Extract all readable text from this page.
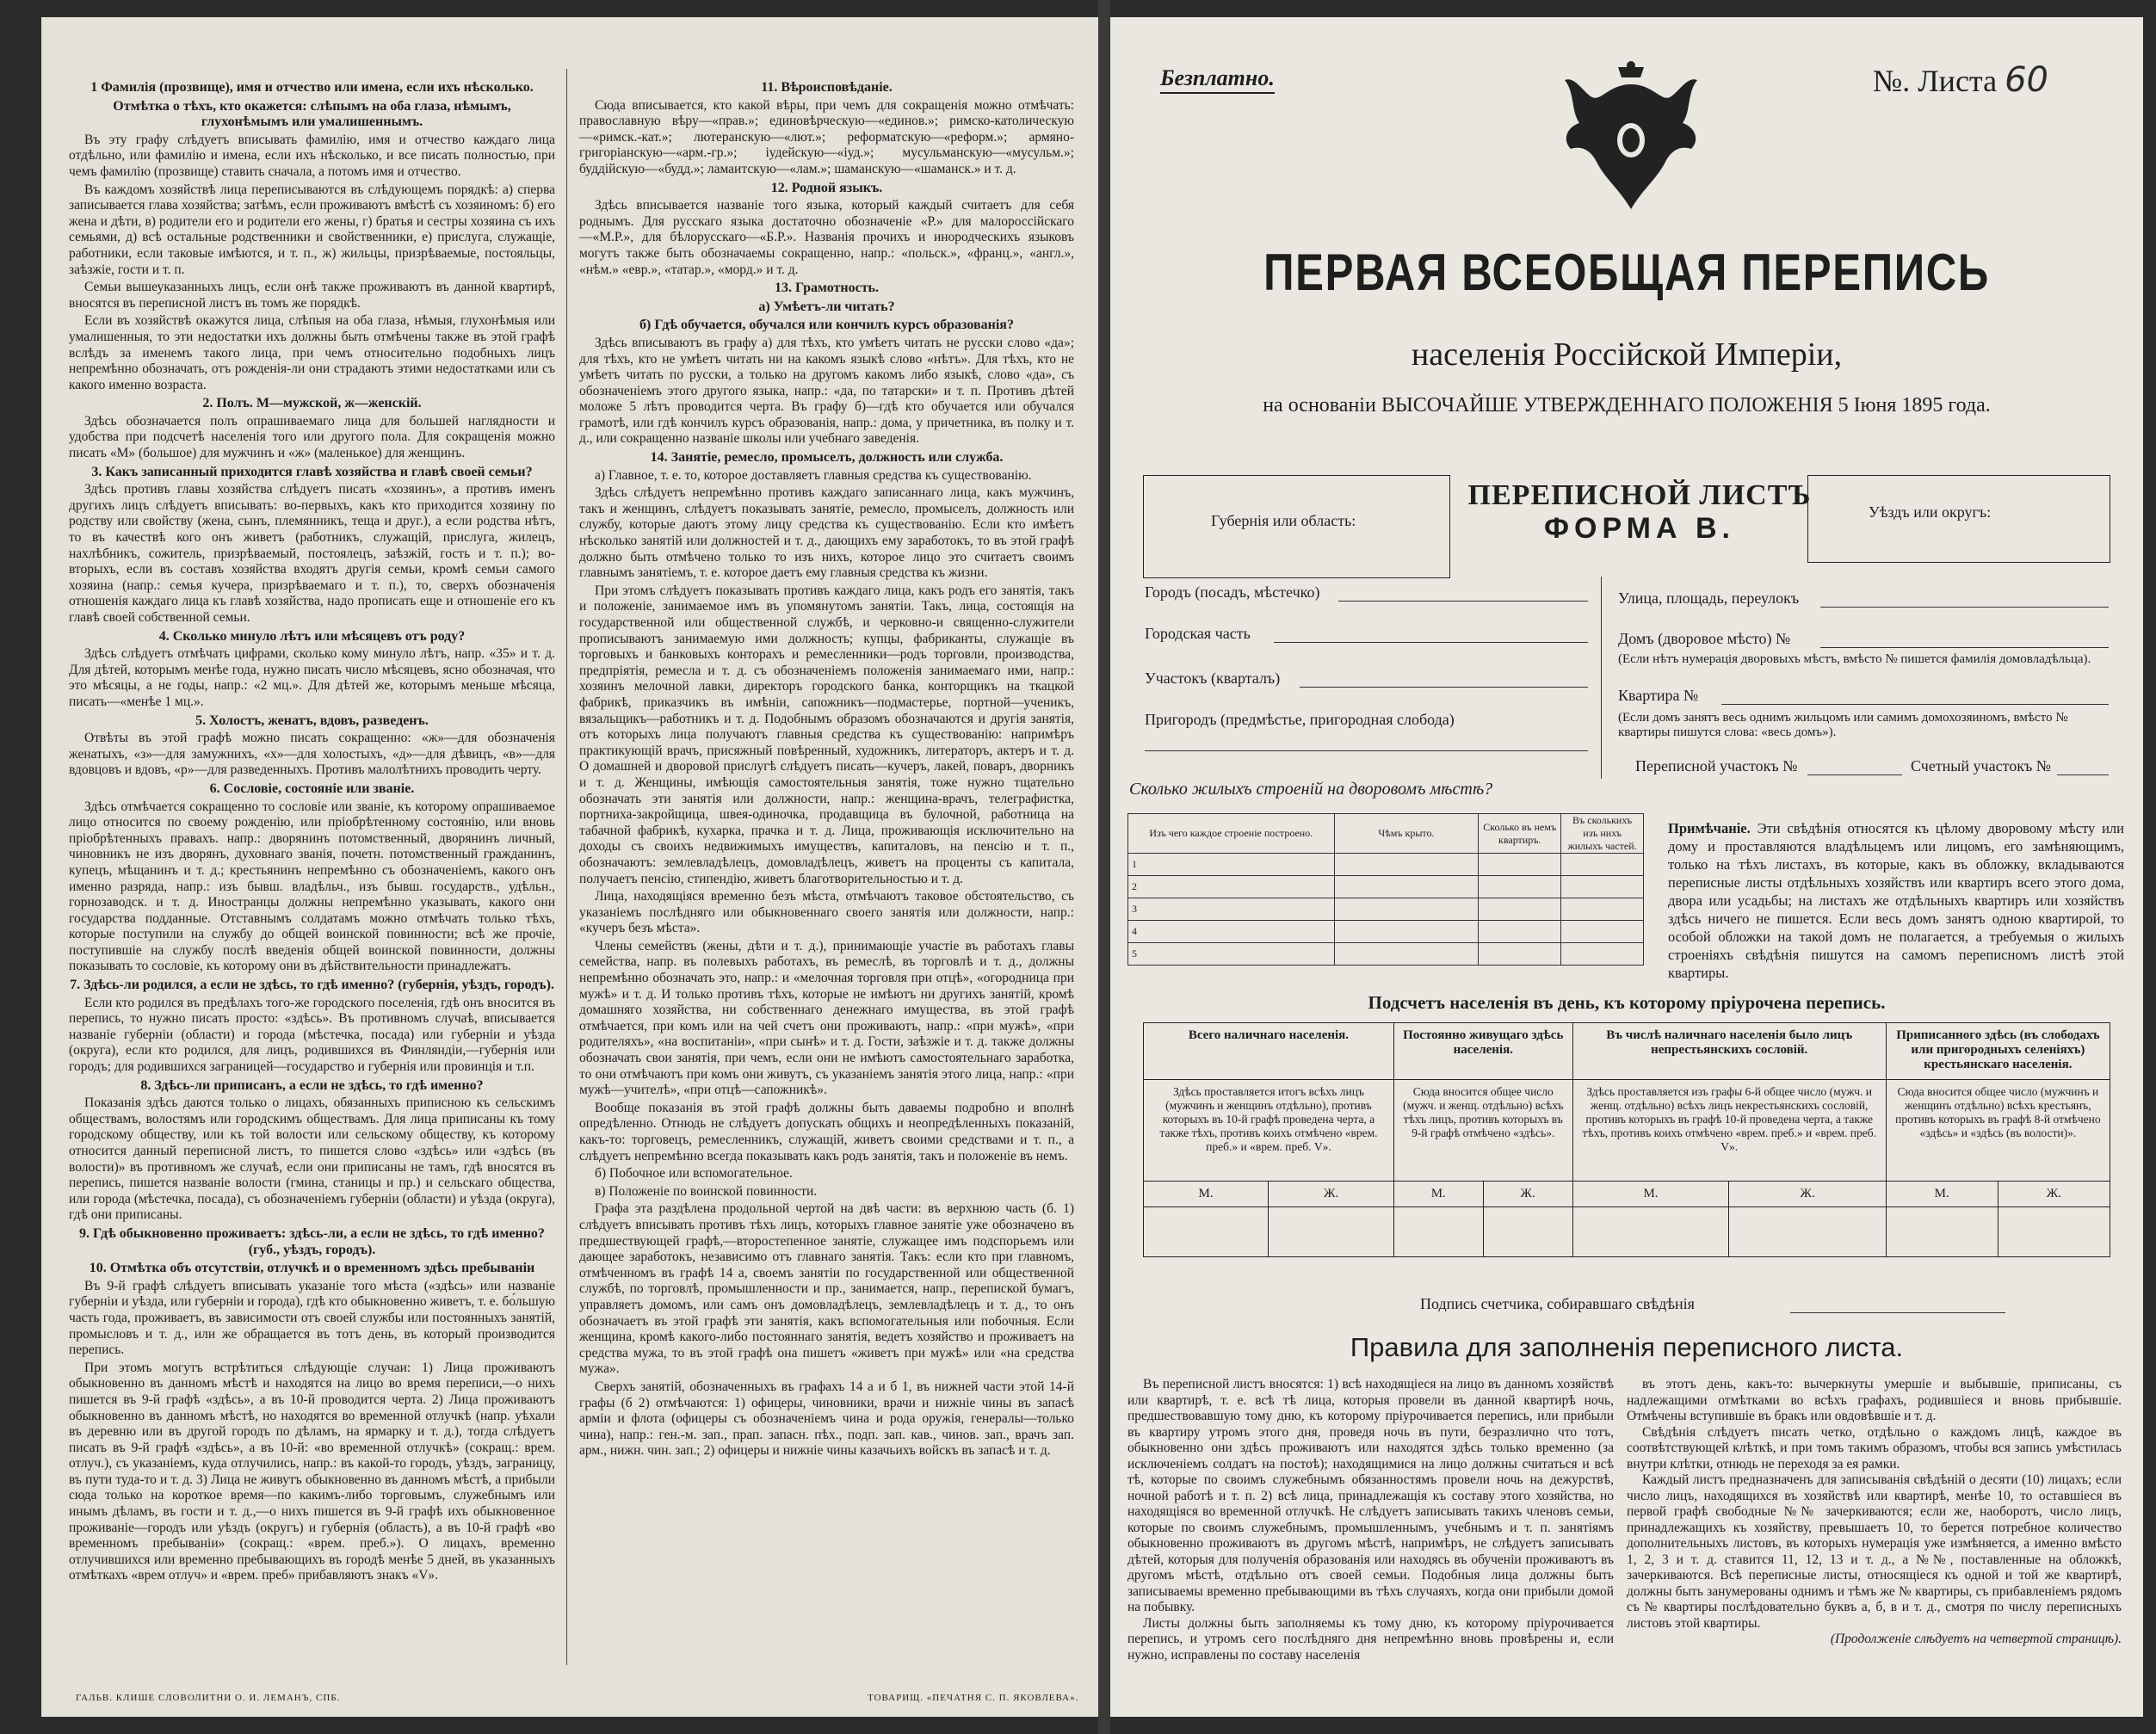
1 Фамилія (прозвище), имя и отчество или имена, если ихъ нѣсколько.
Отмѣтка о тѣхъ, кто окажется: слѣпымъ на оба глаза, нѣмымъ, глухонѣмымъ или умалишеннымъ.

Въ эту графу слѣдуетъ вписывать фамилію, имя и отчество каждаго лица отдѣльно, или фамилію и имена, если ихъ нѣсколько, и все писать полностью, при чемъ фамилію (прозвище) ставить сначала, а потомъ имя и отчество.

Въ каждомъ хозяйствѣ лица переписываются въ слѣдующемъ порядкѣ: а) сперва записывается глава хозяйства; затѣмъ, если проживаютъ вмѣстѣ съ хозяиномъ: б) его жена и дѣти, в) родители его и родители его жены, г) братья и сестры хозяина съ ихъ семьями, д) всѣ остальные родственники и свойственники, е) прислуга, служащіе, работники, если таковые имѣются, и т. п., ж) жильцы, призрѣваемые, постояльцы, заѣзжіе, гости и т. п.

Семьи вышеуказанныхъ лицъ, если онѣ также проживаютъ въ данной квартирѣ, вносятся въ переписной листъ въ томъ же порядкѣ.

Если въ хозяйствѣ окажутся лица, слѣпыя на оба глаза, нѣмыя, глухонѣмыя или умалишенныя, то эти недостатки ихъ должны быть отмѣчены также въ этой графѣ вслѣдъ за именемъ такого лица, при чемъ относительно подобныхъ лицъ непремѣнно обозначать, отъ рожденія-ли они страдаютъ этими недостатками или съ какого именно возраста.

2. Полъ. М—мужской, ж—женскій.

Здѣсь обозначается полъ опрашиваемаго лица для большей наглядности и удобства при подсчетѣ населенія того или другого пола. Для сокращенія можно писать «М» (большое) для мужчинъ и «ж» (маленькое) для женщинъ.

3. Какъ записанный приходится главѣ хозяйства и главѣ своей семьи?

Здѣсь противъ главы хозяйства слѣдуетъ писать «хозяинъ», а противъ именъ другихъ лицъ слѣдуетъ вписывать: во-первыхъ, какъ кто приходится хозяину по родству или свойству (жена, сынъ, племянникъ, теща и друг.), а если родства нѣтъ, то въ качествѣ кого онъ живетъ (работникъ, служащій, прислуга, жилецъ, нахлѣбникъ, сожитель, призрѣваемый, постоялецъ, заѣзжій, гость и т. п.); во-вторыхъ, если въ составъ хозяйства входятъ другія семьи, кромѣ семьи самого хозяина (напр.: семья кучера, призрѣваемаго и т. п.), то, сверхъ обозначенія отношенія каждаго лица къ главѣ хозяйства, надо прописать еще и отношеніе его къ главѣ своей собственной семьи.

4. Сколько минуло лѣтъ или мѣсяцевъ отъ роду?

Здѣсь слѣдуетъ отмѣчать цифрами, сколько кому минуло лѣтъ, напр. «35» и т. д. Для дѣтей, которымъ менѣе года, нужно писать число мѣсяцевъ, ясно обозначая, что это мѣсяцы, а не годы, напр.: «2 мц.». Для дѣтей же, которымъ меньше мѣсяца, писать—«менѣе 1 мц.».

5. Холостъ, женатъ, вдовъ, разведенъ.

Отвѣты въ этой графѣ можно писать сокращенно: «ж»—для обозначенія женатыхъ, «з»—для замужнихъ, «х»—для холостыхъ, «д»—для дѣвицъ, «в»—для вдовцовъ и вдовъ, «р»—для разведенныхъ. Противъ малолѣтнихъ проводить черту.

6. Сословіе, состояніе или званіе.

Здѣсь отмѣчается сокращенно то сословіе или званіе, къ которому опрашиваемое лицо относится по своему рожденію, или пріобрѣтенному состоянію, или вновь пріобрѣтенныхъ правахъ. напр.: дворянинъ потомственный, дворянинъ личный, чиновникъ не изъ дворянъ, духовнаго званія, почетн. потомственный гражданинъ, купецъ, мѣщанинъ и т. д.; крестьянинъ непремѣнно съ обозначеніемъ, какого онъ именно разряда, напр.: изъ бывш. владѣльч., изъ бывш. государств., удѣльн., горнозаводск. и т. д. Иностранцы должны непремѣнно указывать, какого они государства подданные. Отставнымъ солдатамъ можно отмѣчать только тѣхъ, которые поступили на службу до общей воинской повинности; всѣ же прочіе, поступившіе на службу послѣ введенія общей воинской повинности, должны показывать то сословіе, къ которому они въ дѣйствительности принадлежатъ.

7. Здѣсь-ли родился, а если не здѣсь, то гдѣ именно? (губернія, уѣздъ, городъ).

Если кто родился въ предѣлахъ того-же городского поселенія, гдѣ онъ вносится въ перепись, то нужно писать просто: «здѣсь». Въ противномъ случаѣ, вписывается названіе губерніи (области) и города (мѣстечка, посада) или губерніи и уѣзда (округа), если кто родился, для лицъ, родившихся въ Финляндіи,—губернія или городъ; для родившихся заграницей—государство и губернія или провинція и т.п.

8. Здѣсь-ли приписанъ, а если не здѣсь, то гдѣ именно?

Показанія здѣсь даются только о лицахъ, обязанныхъ приписною къ сельскимъ обществамъ, волостямъ или городскимъ обществамъ. Для лица приписаны къ тому городскому обществу, или къ той волости или сельскому обществу, къ которому относится данный переписной листъ, то пишется слово «здѣсь» или «здѣсь (въ волости)» въ противномъ же случаѣ, если они приписаны не тамъ, гдѣ вносятся въ перепись, пишется названіе волости (гмина, станицы и пр.) и сельскаго общества, или города (мѣстечка, посада), съ обозначеніемъ губерніи (области) и уѣзда (округа), гдѣ они приписаны.

9. Гдѣ обыкновенно проживаетъ: здѣсь-ли, а если не здѣсь, то гдѣ именно? (губ., уѣздъ, городъ).
10. Отмѣтка объ отсутствіи, отлучкѣ и о временномъ здѣсь пребываніи

Въ 9-й графѣ слѣдуетъ вписывать указаніе того мѣста («здѣсь» или названіе губерніи и уѣзда, или губерніи и города), гдѣ кто обыкновенно живетъ, т. е. бо́льшую часть года, проживаетъ, въ зависимости отъ своей службы или постоянныхъ занятій, промысловъ и т. д., или же обращается въ тотъ день, въ который производится перепись.

При этомъ могутъ встрѣтиться слѣдующіе случаи: 1) Лица проживаютъ обыкновенно въ данномъ мѣстѣ и находятся на лицо во время переписи,—о нихъ пишется въ 9-й графѣ «здѣсь», а въ 10-й проводится черта. 2) Лица проживаютъ обыкновенно въ данномъ мѣстѣ, но находятся во временной отлучкѣ (напр. уѣхали въ деревню или въ другой городъ по дѣламъ, на ярмарку и т. д.), тогда слѣдуетъ писать въ 9-й графѣ «здѣсь», а въ 10-й: «во временной отлучкѣ» (сокращ.: врем. отлуч.), съ указаніемъ, куда отлучились, напр.: въ какой-то городъ, уѣздъ, заграницу, въ пути туда-то и т. д. 3) Лица не живутъ обыкновенно въ данномъ мѣстѣ, а прибыли сюда только на короткое время—по какимъ-либо торговымъ, служебнымъ или инымъ дѣламъ, въ гости и т. д.,—о нихъ пишется въ 9-й графѣ ихъ обыкновенное проживаніе—городъ или уѣздъ (округъ) и губернія (область), а въ 10-й графѣ «во временномъ пребываніи» (сокращ.: «врем. преб.»). О лицахъ, временно отлучившихся или временно пребывающихъ въ городѣ менѣе 5 дней, въ указанныхъ отмѣткахъ «врем отлуч» и «врем. преб» прибавляютъ знакъ «V».

11. Вѣроисповѣданіе.

Сюда вписывается, кто какой вѣры, при чемъ для сокращенія можно отмѣчать: православную вѣру—«прав.»; единовѣрческую—«единов.»; римско-католическую—«римск.-кат.»; лютеранскую—«лют.»; реформатскую—«реформ.»; армяно-григоріанскую—«арм.-гр.»; іудейскую—«іуд.»; мусульманскую—«мусульм.»; буддійскую—«будд.»; ламаитскую—«лам.»; шаманскую—«шаманск.» и т. д.

12. Родной языкъ.

Здѣсь вписывается названіе того языка, который каждый считаетъ для себя роднымъ. Для русскаго языка достаточно обозначеніе «Р.» для малороссійскаго—«М.Р.», для бѣлорусскаго—«Б.Р.». Названія прочихъ и инородческихъ языковъ могутъ также быть обозначаемы сокращенно, напр.: «польск.», «франц.», «англ.», «нѣм.» «евр.», «татар.», «морд.» и т. д.

13. Грамотность.
а) Умѣетъ-ли читать?
б) Гдѣ обучается, обучался или кончилъ курсъ образованія?

Здѣсь вписываютъ въ графу а) для тѣхъ, кто умѣетъ читать не русски слово «да»; для тѣхъ, кто не умѣетъ читать ни на какомъ языкѣ слово «нѣтъ». Для тѣхъ, кто не умѣетъ читать по русски, а только на другомъ какомъ либо языкѣ, слово «да», съ обозначеніемъ этого другого языка, напр.: «да, по татарски» и т. п. Противъ дѣтей моложе 5 лѣтъ проводится черта. Въ графу б)—гдѣ кто обучается или обучался грамотѣ, или гдѣ кончилъ курсъ образованія, напр.: дома, у причетника, въ полку и т. д., или сокращенно названіе школы или учебнаго заведенія.

14. Занятіе, ремесло, промыселъ, должность или служба.

а) Главное, т. е. то, которое доставляетъ главныя средства къ существованію.

Здѣсь слѣдуетъ непремѣнно противъ каждаго записаннаго лица, какъ мужчинъ, такъ и женщинъ, слѣдуетъ показывать занятіе, ремесло, промыселъ, должность или службу, которые даютъ этому лицу средства къ существованію. Если кто имѣетъ нѣсколько занятій или должностей и т. д., дающихъ ему заработокъ, то въ этой графѣ должно быть отмѣчено только то изъ нихъ, которое лицо это считаетъ своимъ главнымъ занятіемъ, т. е. которое даетъ ему главныя средства къ жизни.

При этомъ слѣдуетъ показывать противъ каждаго лица, какъ родъ его занятія, такъ и положеніе, занимаемое имъ въ упомянутомъ занятіи. Такъ, лица, состоящія на государственной или общественной службѣ, и черковно-и священно-служители прописываютъ занимаемую ими должность; купцы, фабриканты, служащіе въ торговыхъ и банковыхъ конторахъ и ремесленники—родъ торговли, производства, предпріятія, ремесла и т. д. съ обозначеніемъ положенія занимаемаго ими, напр.: хозяинъ мелочной лавки, директоръ городского банка, конторщикъ на ткацкой фабрикѣ, приказчикъ въ имѣніи, сапожникъ—подмастерье, портной—ученикъ, вязальщикъ—работникъ и т. д. Подобнымъ образомъ обозначаются и другія занятія, отъ которыхъ лица получаютъ главныя средства къ существованію: напримѣръ практикующій врачъ, присяжный повѣренный, художникъ, литераторъ, актеръ и т. д. О домашней и дворовой прислугѣ слѣдуетъ писать—кучеръ, лакей, поваръ, дворникъ и т. д. Женщины, имѣющія самостоятельныя занятія, тоже нужно тщательно обозначать эти занятія или должности, напр.: женщина-врачъ, телеграфистка, портниха-закройщица, швея-одиночка, продавщица въ булочной, работница на табачной фабрикѣ, кухарка, прачка и т. д. Лица, проживающія исключительно на доходы съ своихъ недвижимыхъ имуществъ, капиталовъ, на пенсію и т. п., обозначаютъ: землевладѣлецъ, домовладѣлецъ, живетъ на проценты съ капитала, получаетъ пенсію, стипендію, живетъ благотворительностью и т. д.

Лица, находящіяся временно безъ мѣста, отмѣчаютъ таковое обстоятельство, съ указаніемъ послѣдняго или обыкновеннаго своего занятія или должности, напр.: «кучеръ безъ мѣста».

Члены семействъ (жены, дѣти и т. д.), принимающіе участіе въ работахъ главы семейства, напр. въ полевыхъ работахъ, въ ремеслѣ, въ торговлѣ и т. д., должны непремѣнно обозначать это, напр.: и «мелочная торговля при отцѣ», «огородница при мужѣ» и т. д. И только противъ тѣхъ, которые не имѣютъ ни другихъ занятій, кромѣ домашняго хозяйства, ни собственнаго денежнаго имущества, въ этой графѣ отмѣчается, при комъ или на чей счетъ они проживаютъ, напр.: «при мужѣ», «при родителяхъ», «на воспитаніи», «при сынѣ» и т. д. Гости, заѣзжіе и т. д. также должны обозначать свои занятія, при чемъ, если они не имѣютъ самостоятельнаго заработка, то они отмѣчаютъ при комъ они живутъ, съ указаніемъ занятія этого лица, напр.: «при мужѣ—учителѣ», «при отцѣ—сапожникѣ».

Вообще показанія въ этой графѣ должны быть даваемы подробно и вполнѣ опредѣленно. Отнюдь не слѣдуетъ допускать общихъ и неопредѣленныхъ показаній, какъ-то: торговецъ, ремесленникъ, служащій, живетъ своими средствами и т. п., а слѣдуетъ непремѣнно всегда показывать какъ родъ занятія, такъ и положеніе въ немъ.

б) Побочное или вспомогательное.

в) Положеніе по воинской повинности.

Графа эта раздѣлена продольной чертой на двѣ части: въ верхнюю часть (б. 1) слѣдуетъ вписывать противъ тѣхъ лицъ, которыхъ главное занятіе уже обозначено въ предшествующей графѣ,—второстепенное занятіе, служащее имъ подспорьемъ или дающее заработокъ, независимо отъ главнаго занятія. Такъ: если кто при главномъ, отмѣченномъ въ графѣ 14 а, своемъ занятіи по государственной или общественной службѣ, по торговлѣ, промышленности и пр., занимается, напр., перепиской бумагъ, управляетъ домомъ, или самъ онъ домовладѣлецъ, землевладѣлецъ и т. д., то онъ обозначаетъ въ этой графѣ эти занятія, какъ вспомогательныя или побочныя. Если женщина, кромѣ какого-либо постояннаго занятія, ведетъ хозяйство и проживаетъ на средства мужа, то въ этой графѣ она пишетъ «живетъ при мужѣ» или «на средства мужа».

Сверхъ занятій, обозначенныхъ въ графахъ 14 а и б 1, въ нижней части этой 14-й графы (б 2) отмѣчаются: 1) офицеры, чиновники, врачи и нижніе чины въ запасѣ арміи и флота (офицеры съ обозначеніемъ чина и рода оружія, генералы—только чина), напр.: ген.-м. зап., прап. запасн. пѣх., подп. зап. кав., чинов. зап., врачъ зап. арм., нижн. чин. зап.; 2) офицеры и нижніе чины казачьихъ войскъ въ запасѣ и т. д.

ГАЛЬВ. КЛИШЕ СЛОВОЛИТНИ О. И. ЛЕМАНЪ, СПБ.	ТОВАРИЩ. «ПЕЧАТНЯ С. П. ЯКОВЛЕВА».
Безплатно.	№. Листа 60
ПЕРВАЯ ВСЕОБЩАЯ ПЕРЕПИСЬ
населенія Россійской Имперіи,
на основаніи ВЫСОЧАЙШЕ УТВЕРЖДЕННАГО ПОЛОЖЕНІЯ 5 Іюня 1895 года.
Губернія или область:
ПЕРЕПИСНОЙ ЛИСТЪ
ФОРМА В.	Уѣздъ или округъ:
Городъ (посадъ, мѣстечко)
Городская часть
Участокъ (кварталъ)
Пригородъ (предмѣстье, пригородная слобода)
Улица, площадь, переулокъ
Домъ (дворовое мѣсто) №
(Если нѣтъ нумерація дворовыхъ мѣстъ, вмѣсто № пишется фамилія домовладѣльца).
Квартира №
(Если домъ занятъ весь однимъ жильцомъ или самимъ домохозяиномъ, вмѣсто № квартиры пишутся слова: «весь домъ»).
Переписной участокъ №	Счетный участокъ №
Сколько жилыхъ строеній на дворовомъ мѣстѣ?
Изъ чего каждое строеніе построено.	Чѣмъ крыто.	Сколько въ немъ квартиръ.	Въ сколькихъ изъ нихъ жилыхъ частей.
1			
2			
3			
4			
5			
Примѣчаніе. Эти свѣдѣнія относятся къ цѣлому дворовому мѣсту или дому и проставляются владѣльцемъ или лицомъ, его замѣняющимъ, только на тѣхъ листахъ, въ которые, какъ въ обложку, вкладываются переписные листы отдѣльныхъ хозяйствъ или квартиръ всего этого дома, двора или усадьбы; на листахъ же отдѣльныхъ квартиръ или хозяйствъ здѣсь ничего не пишется. Если весь домъ занятъ одною квартирой, то особой обложки на такой домъ не полагается, а требуемыя о жилыхъ строеніяхъ свѣдѣнія пишутся на самомъ переписномъ листѣ этой квартиры.
Подсчетъ населенія въ день, къ которому пріурочена перепись.
Всего наличнаго населенія.		Постоянно живущаго здѣсь населенія.		Въ числѣ наличнаго населенія было лицъ непрестьянскихъ сословій.		Приписанного здѣсь (въ слободахъ или пригородныхъ селеніяхъ) крестьянскаго населенія.	
Здѣсь проставляется итогъ всѣхъ лицъ (мужчинъ и женщинъ отдѣльно), противъ которыхъ въ 10-й графѣ проведена черта, а также тѣхъ, противъ коихъ отмѣчено «врем. преб.» и «врем. преб. V».		Сюда вносится общее число (мужч. и женщ. отдѣльно) всѣхъ тѣхъ лицъ, противъ которыхъ въ 9-й графѣ отмѣчено «здѣсь».		Здѣсь проставляется изъ графы 6-й общее число (мужч. и женщ. отдѣльно) всѣхъ лицъ некрестьянскихъ сословій, противъ которыхъ въ графѣ 10-й проведена черта, а также тѣхъ, противъ коихъ отмѣчено «врем. преб.» и «врем. преб. V».		Сюда вносится общее число (мужчинъ и женщинъ отдѣльно) всѣхъ крестьянъ, противъ которыхъ въ графѣ 8-й отмѣчено «здѣсь» и «здѣсь (въ волости)».	
М.	Ж.	М.	Ж.	М.	Ж.	М.	Ж.

Подпись счетчика, собиравшаго свѣдѣнія
Правила для заполненія переписного листа.

Въ переписной листъ вносятся: 1) всѣ находящіеся на лицо въ данномъ хозяйствѣ или квартирѣ, т. е. всѣ тѣ лица, которыя провели въ данной квартирѣ ночь, предшествовавшую тому дню, къ которому пріурочивается перепись, или прибыли въ квартиру утромъ этого дня, проведя ночь въ пути, безразлично что тотъ, обыкновенно они здѣсь проживаютъ или находятся здѣсь только временно (за исключеніемъ солдатъ на постоѣ); находящимися на лицо должны считаться и всѣ тѣ, которые по своимъ служебнымъ обязанностямъ провели ночь на дежурствѣ, ночной работѣ и т. п. 2) всѣ лица, принадлежащія къ составу этого хозяйства, но находящіяся во временной отлучкѣ. Не слѣдуетъ записывать такихъ членовъ семьи, которые по своимъ служебнымъ, промышленнымъ, учебнымъ и т. п. занятіямъ обыкновенно проживаютъ въ другомъ мѣстѣ, напримѣръ, не слѣдуетъ записывать дѣтей, которыя для полученія образованія или находясь въ обученіи проживаютъ въ другомъ мѣстѣ, отдѣльно отъ своей семьи. Подобныя лица должны быть записываемы временно пребывающими въ тѣхъ случаяхъ, когда они прибыли домой на побывку.

Листы должны быть заполняемы къ тому дню, къ которому пріурочивается перепись, и утромъ сего послѣдняго дня непремѣнно вновь провѣрены и, если нужно, исправлены по составу населенія

въ этотъ день, какъ-то: вычеркнуты умершіе и выбывшіе, приписаны, съ надлежащими отмѣтками во всѣхъ графахъ, родившіеся и вновь прибывшіе. Отмѣчены вступившіе въ бракъ или овдовѣвшіе и т. д.

Свѣдѣнія слѣдуетъ писать четко, отдѣльно о каждомъ лицѣ, каждое въ соотвѣтствующей клѣткѣ, и при томъ такимъ образомъ, чтобы вся запись умѣстилась внутри клѣтки, отнюдь не переходя за ея рамки.

Каждый листъ предназначенъ для записыванія свѣдѣній о десяти (10) лицахъ; если число лицъ, находящихся въ хозяйствѣ или квартирѣ, менѣе 10, то оставшіеся въ первой графѣ свободные №№ зачеркиваются; если же, наоборотъ, число лицъ, принадлежащихъ къ хозяйству, превышаетъ 10, то берется потребное количество дополнительныхъ листовъ, въ которыхъ нумерація уже измѣняется, а именно вмѣсто 1, 2, 3 и т. д. ставится 11, 12, 13 и т. д., а №№, поставленные на обложкѣ, зачеркиваются. Всѣ переписные листы, относящіеся къ одной и той же квартирѣ, должны быть занумерованы однимъ и тѣмъ же № квартиры, съ прибавленіемъ рядомъ съ № квартиры послѣдовательно буквъ а, б, в и т. д., смотря по числу переписныхъ листовъ этой квартиры.

(Продолженіе слѣдуетъ на четвертой страницѣ).
